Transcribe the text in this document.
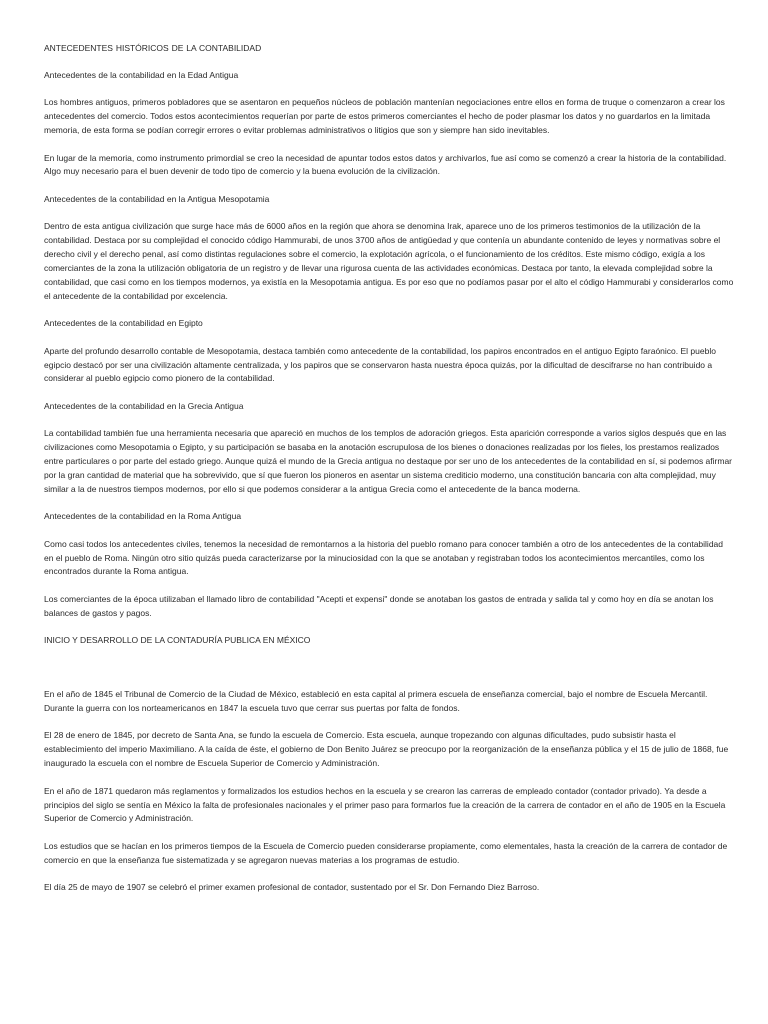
ANTECEDENTES HISTÓRICOS DE LA CONTABILIDAD

Antecedentes de la contabilidad en la Edad Antigua

Los hombres antiguos, primeros pobladores que se asentaron en pequeños núcleos de población mantenían negociaciones entre ellos en forma de truque o comenzaron a crear los antecedentes del comercio. Todos estos acontecimientos requerían por parte de estos primeros comerciantes el hecho de poder plasmar los datos y no guardarlos en la limitada memoria, de esta forma se podían corregir errores o evitar problemas administrativos o litigios que son y siempre han sido inevitables.

En lugar de la memoria, como instrumento primordial se creo la necesidad de apuntar todos estos datos y archivarlos, fue así como se comenzó a crear la historia de la contabilidad. Algo muy necesario para el buen devenir de todo tipo de comercio y la buena evolución de la civilización.

Antecedentes de la contabilidad en la Antigua Mesopotamia

Dentro de esta antigua civilización que surge hace más de 6000 años en la región que ahora se denomina Irak, aparece uno de los primeros testimonios de la utilización de la contabilidad. Destaca por su complejidad el conocido código Hammurabi, de unos 3700 años de antigüedad y que contenía un abundante contenido de leyes y normativas sobre el derecho civil y el derecho penal, así como distintas regulaciones sobre el comercio, la explotación agrícola, o el funcionamiento de los créditos. Este mismo código, exigía a los comerciantes de la zona la utilización obligatoria de un registro y de llevar una rigurosa cuenta de las actividades económicas. Destaca por tanto, la elevada complejidad sobre la contabilidad, que casi como en los tiempos modernos, ya existía en la Mesopotamia antigua. Es por eso que no podíamos pasar por el alto el código Hammurabi y considerarlos como el antecedente de la contabilidad por excelencia.

Antecedentes de la contabilidad en Egipto

Aparte del profundo desarrollo contable de Mesopotamia, destaca también como antecedente de la contabilidad, los papiros encontrados en el antiguo Egipto faraónico. El pueblo egipcio destacó por ser una civilización altamente centralizada, y los papiros que se conservaron hasta nuestra época quizás, por la dificultad de descifrarse no han contribuido a considerar al pueblo egipcio como pionero de la contabilidad.

Antecedentes de la contabilidad en la Grecia Antigua

La contabilidad también fue una herramienta necesaria que apareció en muchos de los templos de adoración griegos. Esta aparición corresponde a varios siglos después que en las civilizaciones como Mesopotamia o Egipto, y su participación se basaba en la anotación escrupulosa de los bienes o donaciones realizadas por los fieles, los prestamos realizados entre particulares o por parte del estado griego. Aunque quizá el mundo de la Grecia antigua no destaque por ser uno de los antecedentes de la contabilidad en sí, si podemos afirmar por la gran cantidad de material que ha sobrevivido, que sí que fueron los pioneros en asentar un sistema crediticio moderno, una constitución bancaria con alta complejidad, muy similar a la de nuestros tiempos modernos, por ello si que podemos considerar a la antigua Grecia como el antecedente de la banca moderna.

Antecedentes de la contabilidad en la Roma Antigua

Como casi todos los antecedentes civiles, tenemos la necesidad de remontarnos a la historia del pueblo romano para conocer también a otro de los antecedentes de la contabilidad en el pueblo de Roma. Ningún otro sitio quizás pueda caracterizarse por la minuciosidad con la que se anotaban y registraban todos los acontecimientos mercantiles, como los encontrados durante la Roma antigua.

Los comerciantes de la época utilizaban el llamado libro de contabilidad "Acepti et expensi" donde se anotaban los gastos de entrada y salida tal y como hoy en día se anotan los balances de gastos y pagos.

INICIO Y DESARROLLO DE LA CONTADURÍA PUBLICA EN MÉXICO

En el año de 1845 el Tribunal de Comercio de la Ciudad de México, estableció en esta capital al primera escuela de enseñanza comercial, bajo el nombre de Escuela Mercantil. Durante la guerra con los norteamericanos en 1847 la escuela tuvo que cerrar sus puertas por falta de fondos.

El 28 de enero de 1845, por decreto de Santa Ana, se fundo la escuela de Comercio. Esta escuela, aunque tropezando con algunas dificultades, pudo subsistir hasta el establecimiento del imperio Maximiliano. A la caída de éste, el gobierno de Don Benito Juárez se preocupo por la reorganización de la enseñanza pública y el 15 de julio de 1868, fue inaugurado la escuela con el nombre de Escuela Superior de Comercio y Administración.

En el año de 1871 quedaron más reglamentos y formalizados los estudios hechos en la escuela y se crearon las carreras de empleado contador (contador privado). Ya desde a principios del siglo se sentía en México la falta de profesionales nacionales y el primer paso para formarlos fue la creación de la carrera de contador en el año de 1905 en la Escuela Superior de Comercio y Administración.

Los estudios que se hacían en los primeros tiempos de la Escuela de Comercio pueden considerarse propiamente, como elementales, hasta la creación de la carrera de contador de comercio en que la enseñanza fue sistematizada y se agregaron nuevas materias a los programas de estudio.

El día 25 de mayo de 1907 se celebró el primer examen profesional de contador, sustentado por el Sr. Don Fernando Diez Barroso.
